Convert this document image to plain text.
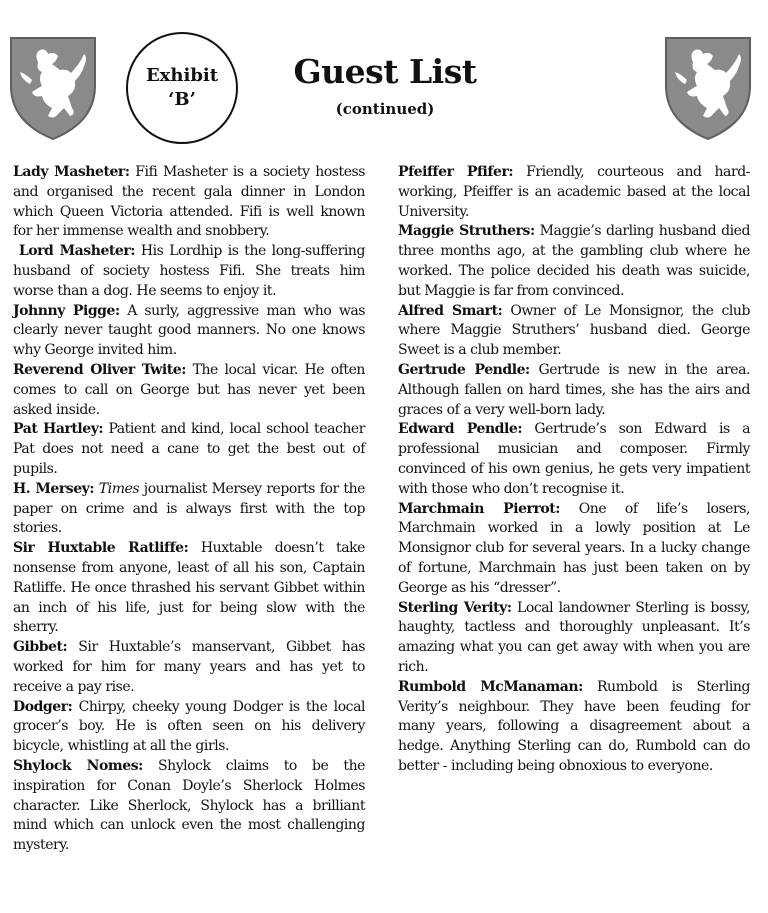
Exhibit
‘B’
Guest List
(continued)

Lady Masheter: Fifi Masheter is a society hostess and organised the recent gala dinner in London which Queen Victoria attended. Fifi is well known for her immense wealth and snobbery.

Lord Masheter: His Lordhip is the long-suffering husband of society hostess Fifi. She treats him worse than a dog. He seems to enjoy it.

Johnny Pigge: A surly, aggressive man who was clearly never taught good manners. No one knows why George invited him.

Reverend Oliver Twite: The local vicar. He often comes to call on George but has never yet been asked inside.

Pat Hartley: Patient and kind, local school teacher Pat does not need a cane to get the best out of pupils.

H. Mersey: Times journalist Mersey reports for the paper on crime and is always first with the top stories.

Sir Huxtable Ratliffe: Huxtable doesn’t take nonsense from anyone, least of all his son, Captain Ratliffe. He once thrashed his servant Gibbet within an inch of his life, just for being slow with the sherry.

Gibbet: Sir Huxtable’s manservant, Gibbet has worked for him for many years and has yet to receive a pay rise.

Dodger: Chirpy, cheeky young Dodger is the local grocer’s boy. He is often seen on his delivery bicycle, whistling at all the girls.

Shylock Nomes: Shylock claims to be the inspiration for Conan Doyle’s Sherlock Holmes character. Like Sherlock, Shylock has a brilliant mind which can unlock even the most challenging mystery.

Pfeiffer Pfifer: Friendly, courteous and hard-working, Pfeiffer is an academic based at the local University.

Maggie Struthers: Maggie’s darling husband died three months ago, at the gambling club where he worked. The police decided his death was suicide, but Maggie is far from convinced.

Alfred Smart: Owner of Le Monsignor, the club where Maggie Struthers’ husband died. George Sweet is a club member.

Gertrude Pendle: Gertrude is new in the area. Although fallen on hard times, she has the airs and graces of a very well-born lady.

Edward Pendle: Gertrude’s son Edward is a professional musician and composer. Firmly convinced of his own genius, he gets very impatient with those who don’t recognise it.

Marchmain Pierrot: One of life’s losers, Marchmain worked in a lowly position at Le Monsignor club for several years. In a lucky change of fortune, Marchmain has just been taken on by George as his “dresser”.

Sterling Verity: Local landowner Sterling is bossy, haughty, tactless and thoroughly unpleasant. It’s amazing what you can get away with when you are rich.

Rumbold McManaman: Rumbold is Sterling Verity’s neighbour. They have been feuding for many years, following a disagreement about a hedge. Anything Sterling can do, Rumbold can do better - including being obnoxious to everyone.
